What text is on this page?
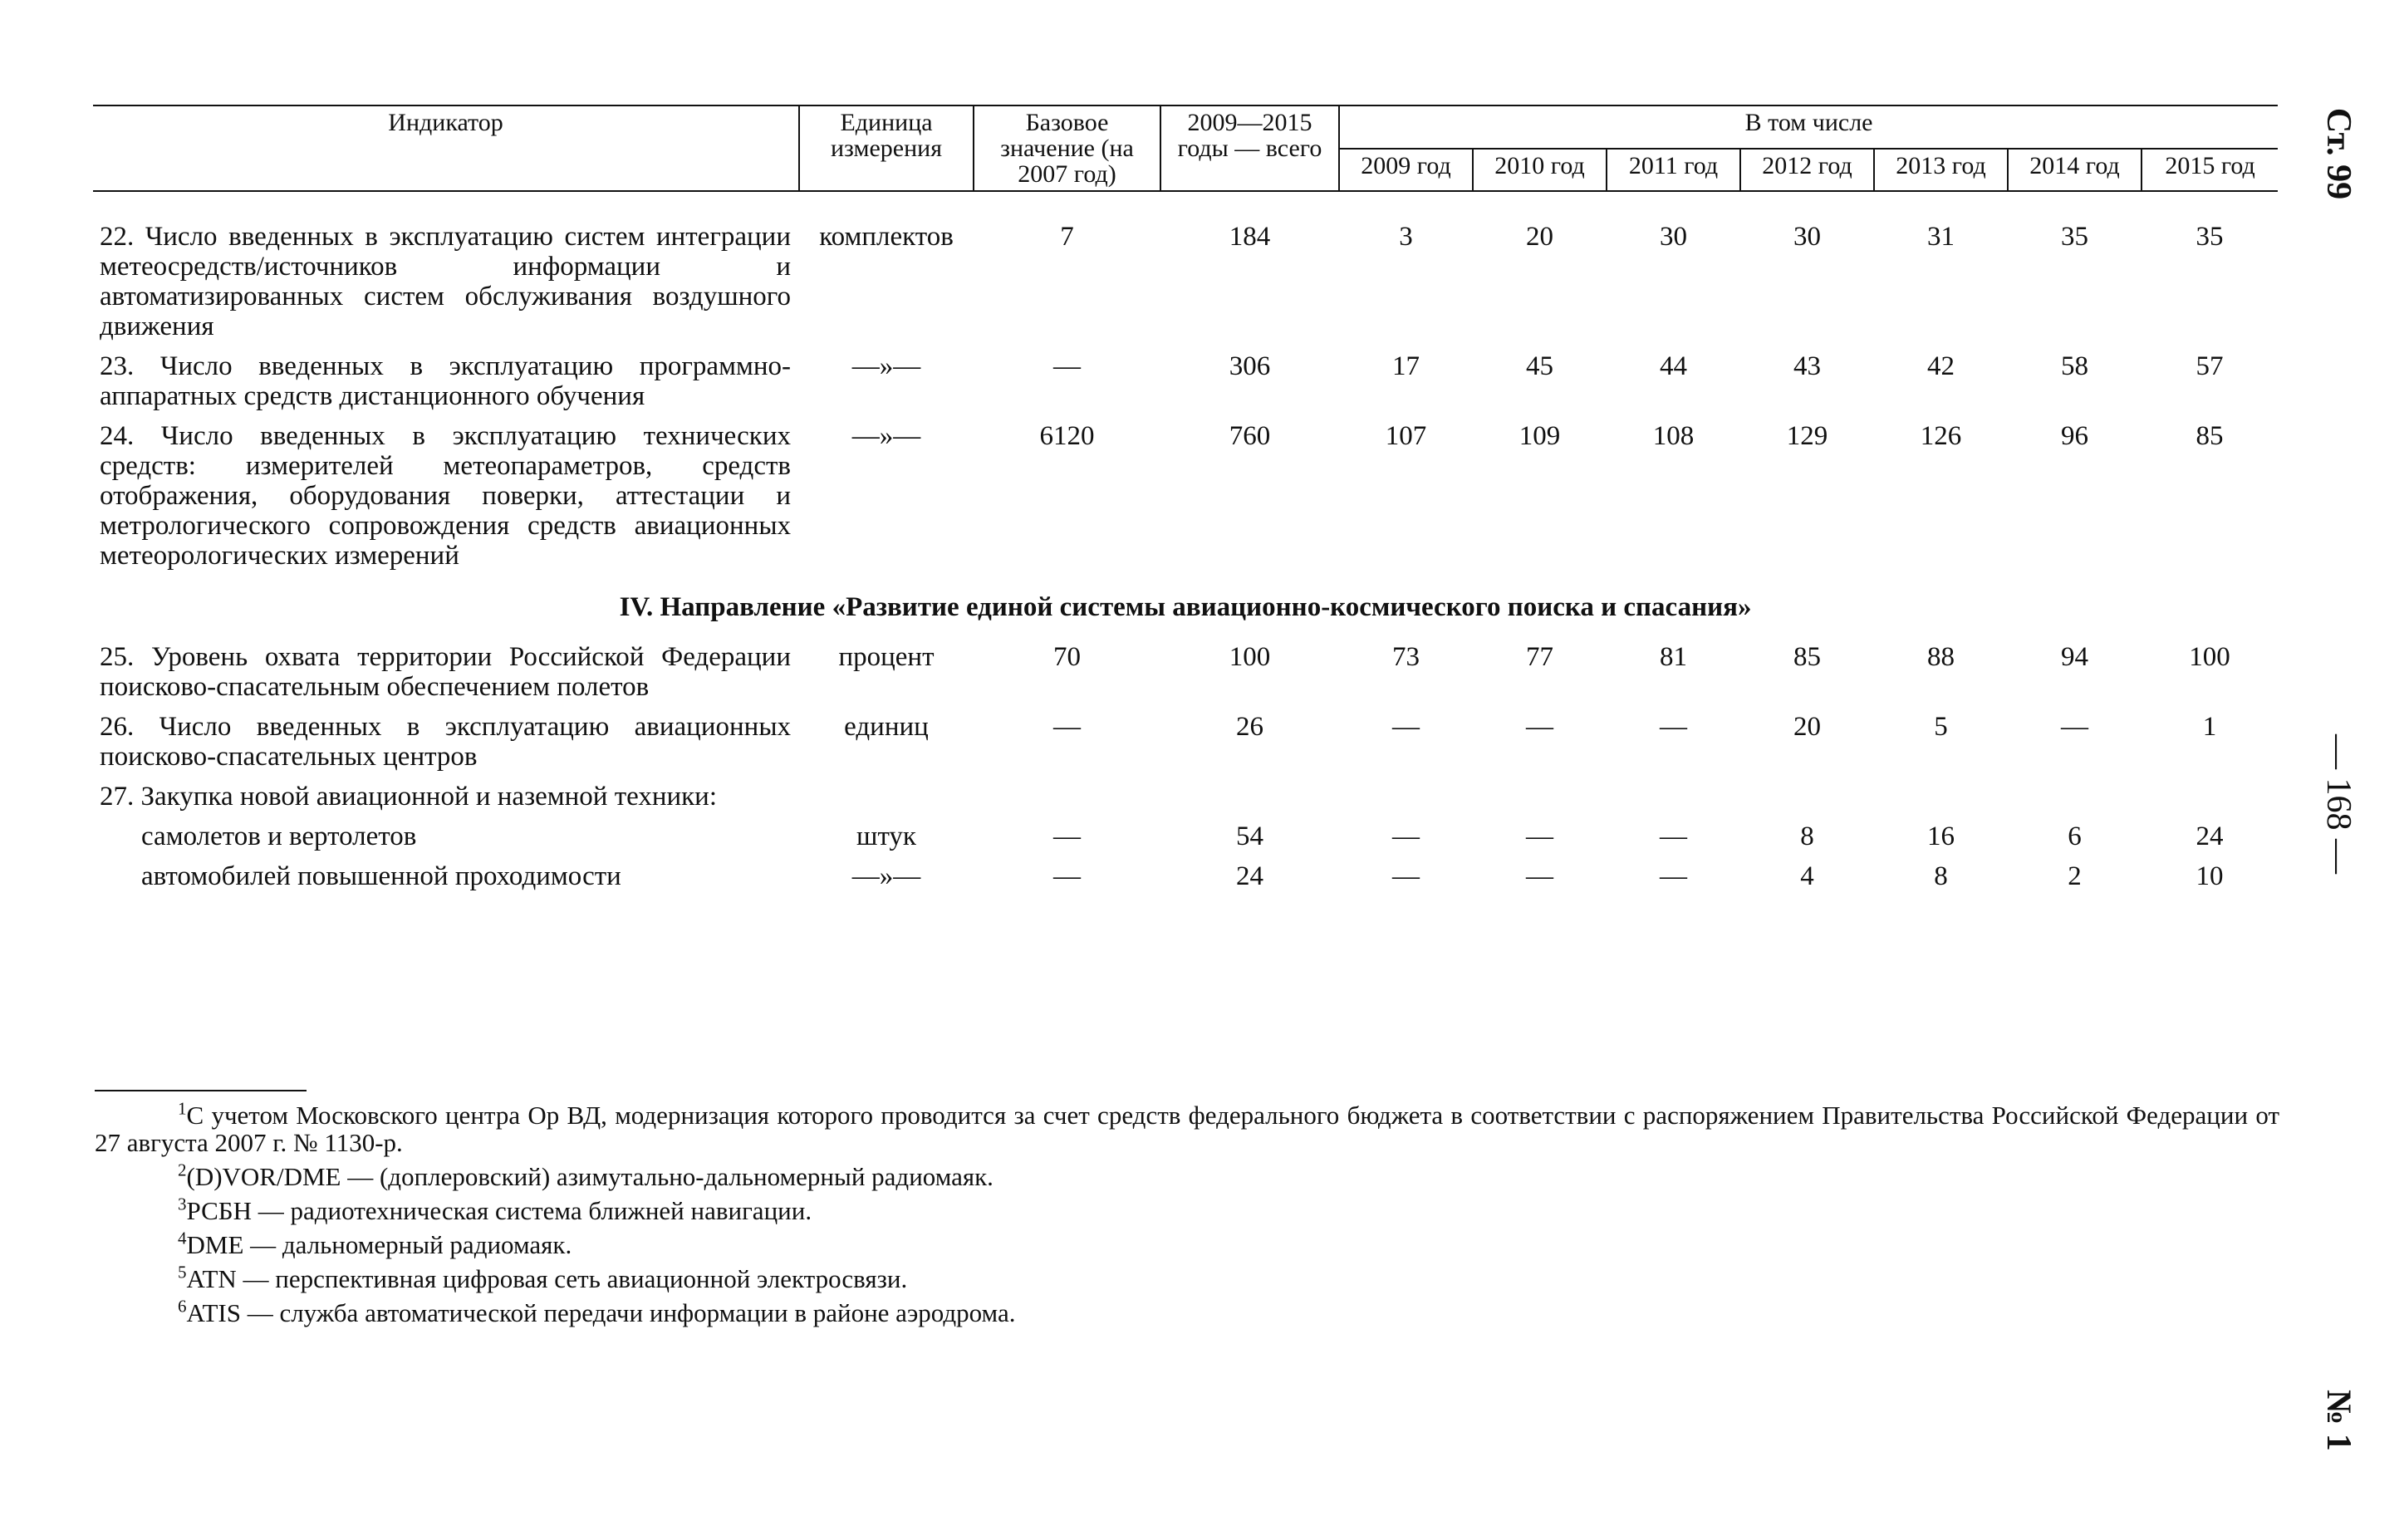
Индикатор	Единица измерения	Базовое значение (на 2007 год)	2009—2015 годы — всего	В том числе						
				2009 год	2010 год	2011 год	2012 год	2013 год	2014 год	2015 год

22. Число введенных в эксплуатацию систем интеграции метеосредств/источников информации и автоматизированных систем обслуживания воздушного движения	комплектов	7	184	3	20	30	30	31	35	35

23. Число введенных в эксплуатацию программно-аппаратных средств дистанционного обучения	—»—	—	306	17	45	44	43	42	58	57

24. Число введенных в эксплуатацию технических средств: измерителей метеопараметров, средств отображения, оборудования поверки, аттестации и метрологического сопровождения средств авиационных метеорологических измерений	—»—	6120	760	107	109	108	129	126	96	85
IV. Направление «Развитие единой системы авиационно-космического поиска и спасания»										
25. Уровень охвата территории Российской Федерации поисково-спасательным обеспечением полетов	процент	70	100	73	77	81	85	88	94	100

26. Число введенных в эксплуатацию авиационных поисково-спасательных центров	единиц	—	26	—	—	—	20	5	—	1

27. Закупка новой авиационной и наземной техники:										

самолетов и вертолетов	штук	—	54	—	—	—	8	16	6	24

автомобилей повышенной проходимости	—»—	—	24	—	—	—	4	8	2	10

$^1$С учетом Московского центра Ор ВД, модернизация которого проводится за счет средств федерального бюджета в соответствии с распоряжением Правительства Российской Федерации от 27 августа 2007 г. № 1130-р.

$^2$(D)VOR/DME — (доплеровский) азимутально-дальномерный радиомаяк.

$^3$РСБН — радиотехническая система ближней навигации.

$^4$DME — дальномерный радиомаяк.

$^5$ATN — перспективная цифровая сеть авиационной электросвязи.

$^6$ATIS — служба автоматической передачи информации в районе аэродрома.

Ст. 99
— 168 —
№ 1
